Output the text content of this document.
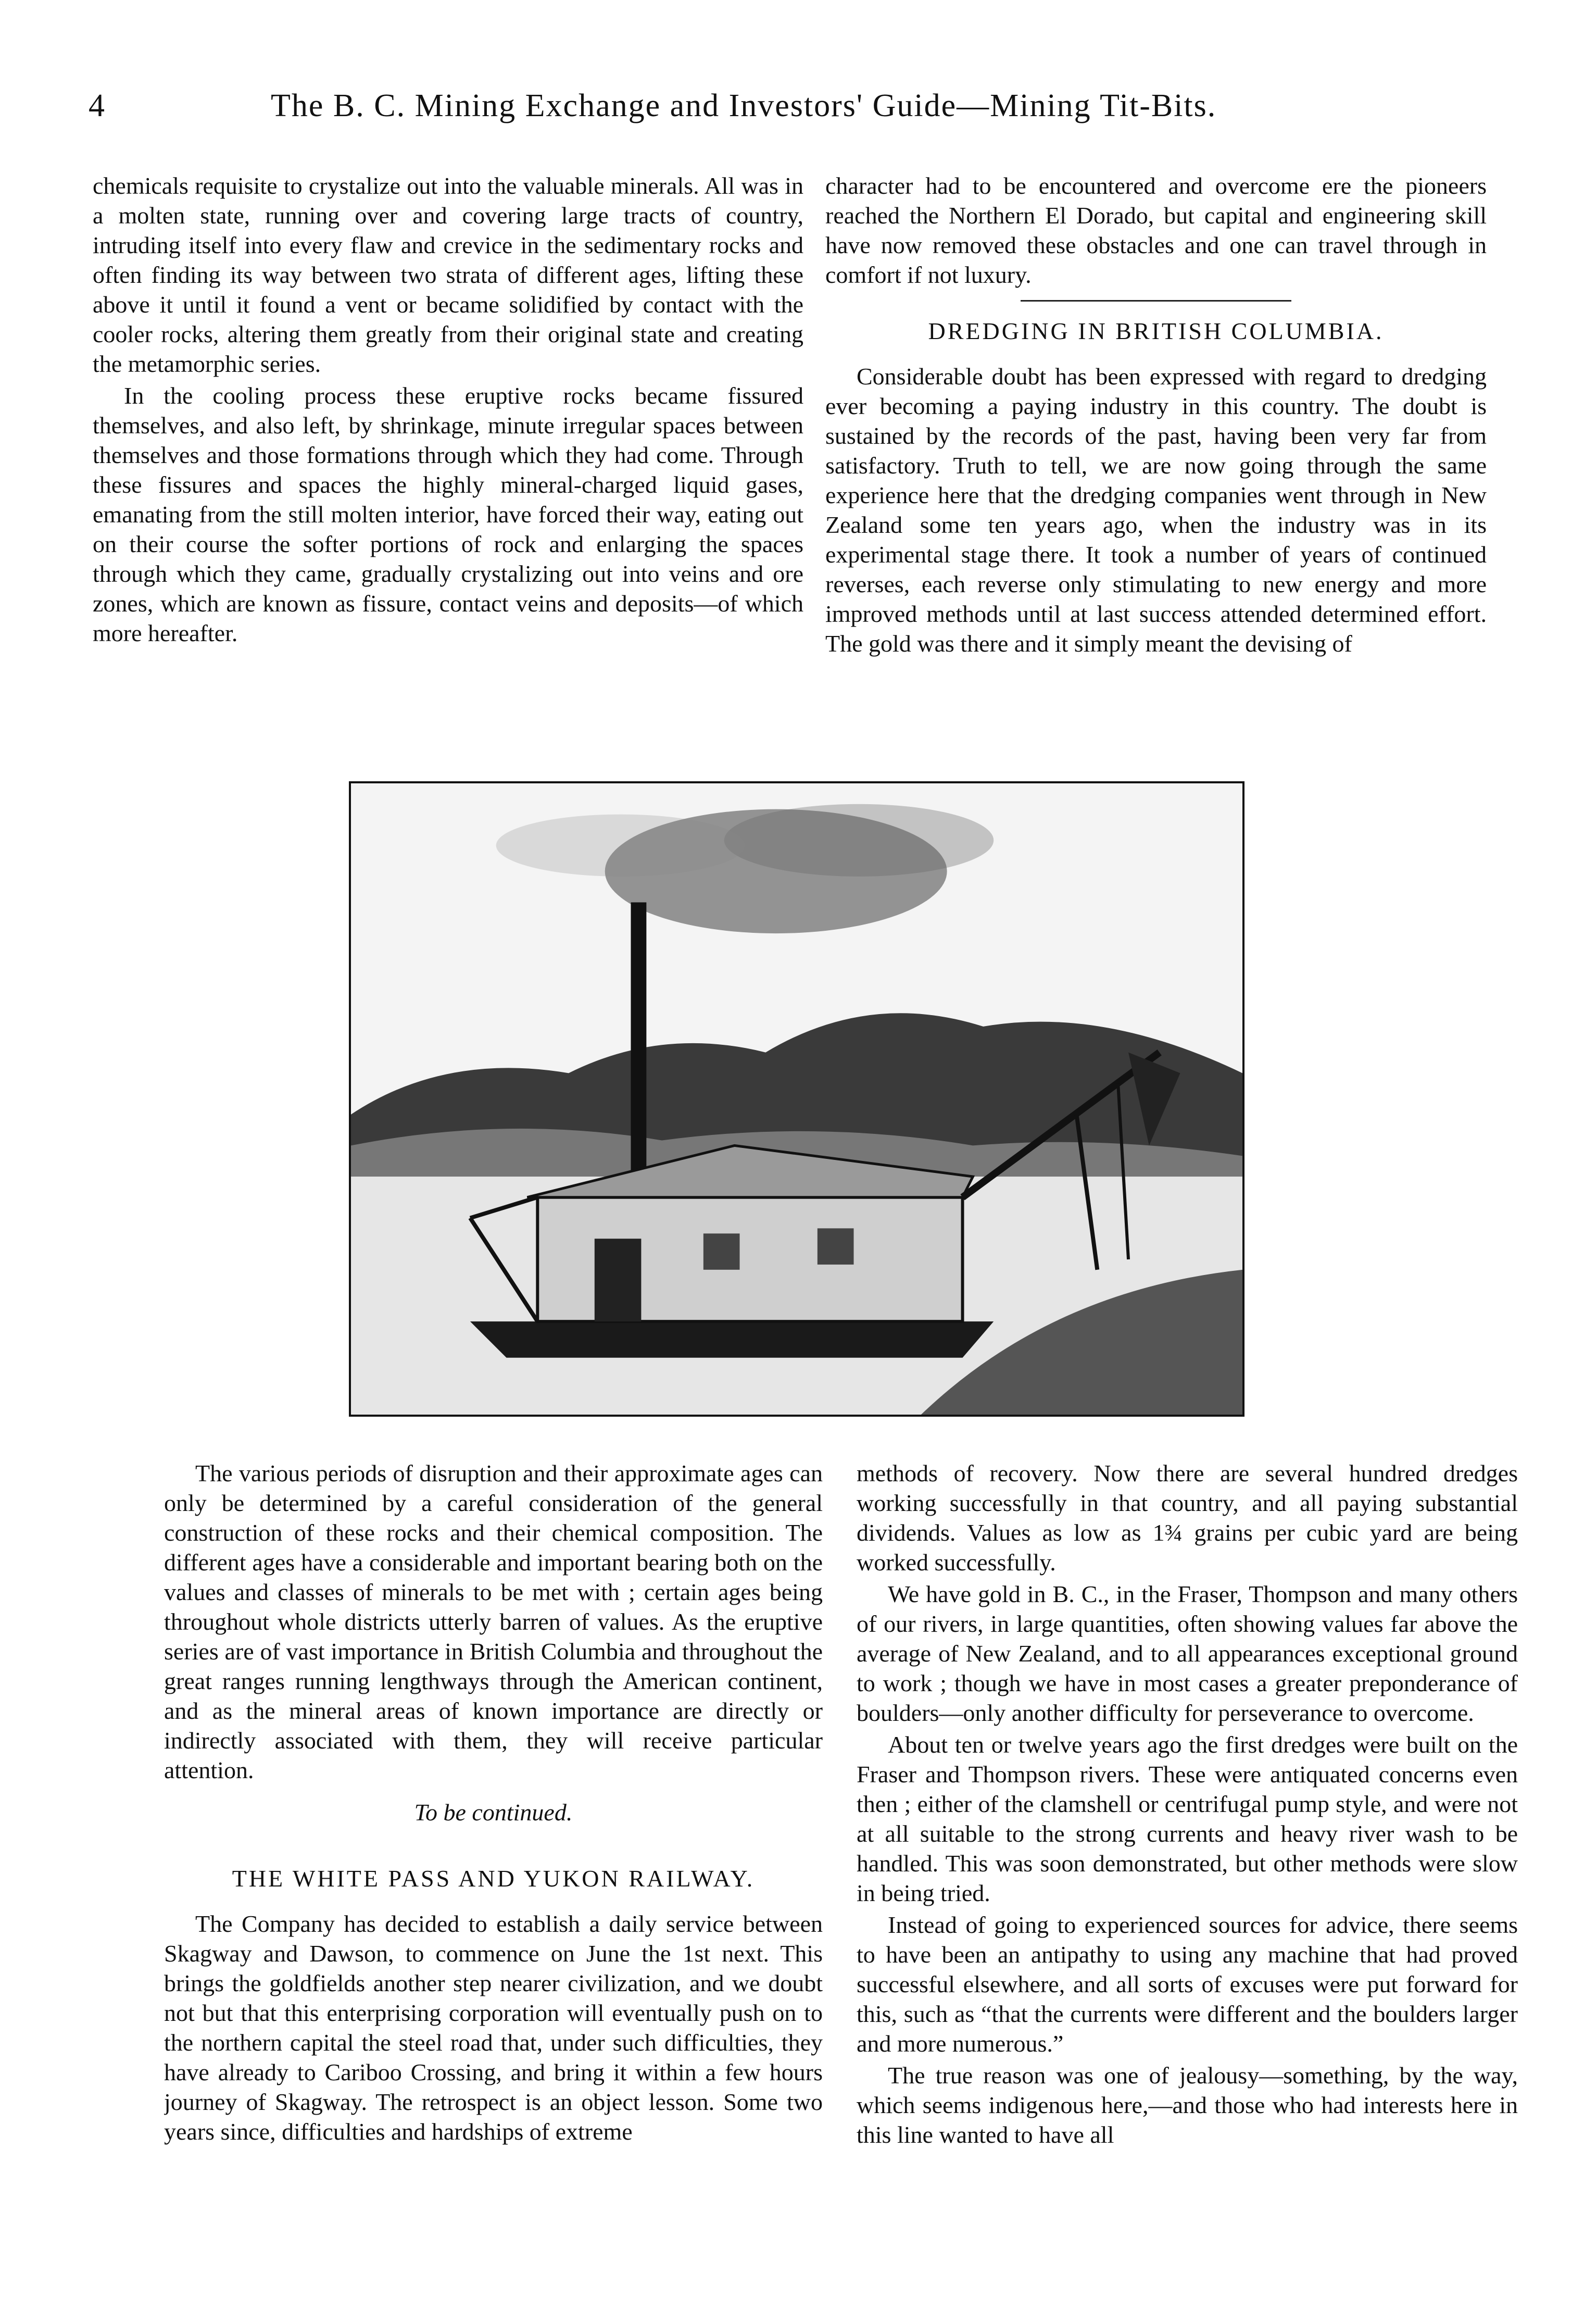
4	The B. C. Mining Exchange and Investors' Guide—Mining Tit-Bits.

chemicals requisite to crystalize out into the valuable minerals. All was in a molten state, running over and covering large tracts of country, intruding itself into every flaw and crevice in the sedimentary rocks and often finding its way between two strata of different ages, lifting these above it until it found a vent or became solidified by contact with the cooler rocks, altering them greatly from their original state and creating the metamorphic series.

In the cooling process these eruptive rocks became fissured themselves, and also left, by shrinkage, minute irregular spaces between themselves and those formations through which they had come. Through these fissures and spaces the highly mineral-charged liquid gases, emanating from the still molten interior, have forced their way, eating out on their course the softer portions of rock and enlarging the spaces through which they came, gradually crystalizing out into veins and ore zones, which are known as fissure, contact veins and deposits—of which more hereafter.

character had to be encountered and overcome ere the pioneers reached the Northern El Dorado, but capital and engineering skill have now removed these obstacles and one can travel through in comfort if not luxury.

DREDGING IN BRITISH COLUMBIA.

Considerable doubt has been expressed with regard to dredging ever becoming a paying industry in this country. The doubt is sustained by the records of the past, having been very far from satisfactory. Truth to tell, we are now going through the same experience here that the dredging companies went through in New Zealand some ten years ago, when the industry was in its experimental stage there. It took a number of years of continued reverses, each reverse only stimulating to new energy and more improved methods until at last success attended determined effort. The gold was there and it simply meant the devising of

The various periods of disruption and their approximate ages can only be determined by a careful consideration of the general construction of these rocks and their chemical composition. The different ages have a considerable and important bearing both on the values and classes of minerals to be met with ; certain ages being throughout whole districts utterly barren of values. As the eruptive series are of vast importance in British Columbia and throughout the great ranges running lengthways through the American continent, and as the mineral areas of known importance are directly or indirectly associated with them, they will receive particular attention.

To be continued.
THE WHITE PASS AND YUKON RAILWAY.

The Company has decided to establish a daily service between Skagway and Dawson, to commence on June the 1st next. This brings the goldfields another step nearer civilization, and we doubt not but that this enterprising corporation will eventually push on to the northern capital the steel road that, under such difficulties, they have already to Cariboo Crossing, and bring it within a few hours journey of Skagway. The retrospect is an object lesson. Some two years since, difficulties and hardships of extreme

methods of recovery. Now there are several hundred dredges working successfully in that country, and all paying substantial dividends. Values as low as 1¾ grains per cubic yard are being worked successfully.

We have gold in B. C., in the Fraser, Thompson and many others of our rivers, in large quantities, often showing values far above the average of New Zealand, and to all appearances exceptional ground to work ; though we have in most cases a greater preponderance of boulders—only another difficulty for perseverance to overcome.

About ten or twelve years ago the first dredges were built on the Fraser and Thompson rivers. These were antiquated concerns even then ; either of the clamshell or centrifugal pump style, and were not at all suitable to the strong currents and heavy river wash to be handled. This was soon demonstrated, but other methods were slow in being tried.

Instead of going to experienced sources for advice, there seems to have been an antipathy to using any machine that had proved successful elsewhere, and all sorts of excuses were put forward for this, such as “that the currents were different and the boulders larger and more numerous.”

The true reason was one of jealousy—something, by the way, which seems indigenous here,—and those who had interests here in this line wanted to have all
